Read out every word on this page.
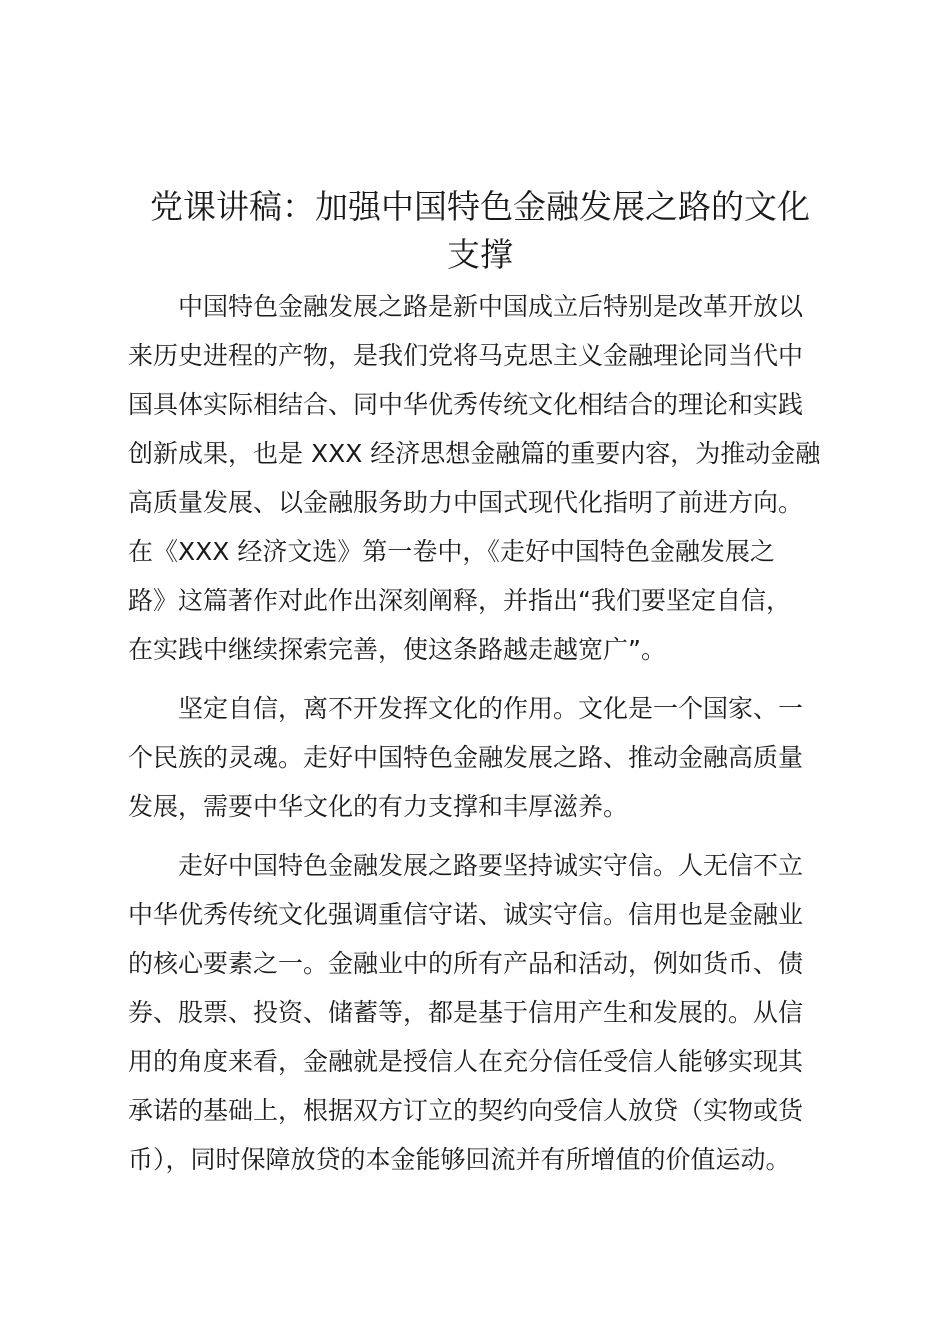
党课讲稿：加强中国特色金融发展之路的文化
支撑
　　中国特色金融发展之路是新中国成立后特别是改革开放以
来历史进程的产物，是我们党将马克思主义金融理论同当代中
国具体实际相结合、同中华优秀传统文化相结合的理论和实践
创新成果，也是 XXX 经济思想金融篇的重要内容，为推动金融
高质量发展、以金融服务助力中国式现代化指明了前进方向。
在《XXX 经济文选》第一卷中，《走好中国特色金融发展之
路》这篇著作对此作出深刻阐释，并指出“我们要坚定自信，
在实践中继续探索完善，使这条路越走越宽广”。
　　坚定自信，离不开发挥文化的作用。文化是一个国家、一
个民族的灵魂。走好中国特色金融发展之路、推动金融高质量
发展，需要中华文化的有力支撑和丰厚滋养。
　　走好中国特色金融发展之路要坚持诚实守信。人无信不立
中华优秀传统文化强调重信守诺、诚实守信。信用也是金融业
的核心要素之一。金融业中的所有产品和活动，例如货币、债
券、股票、投资、储蓄等，都是基于信用产生和发展的。从信
用的角度来看，金融就是授信人在充分信任受信人能够实现其
承诺的基础上，根据双方订立的契约向受信人放贷（实物或货
币），同时保障放贷的本金能够回流并有所增值的价值运动。
